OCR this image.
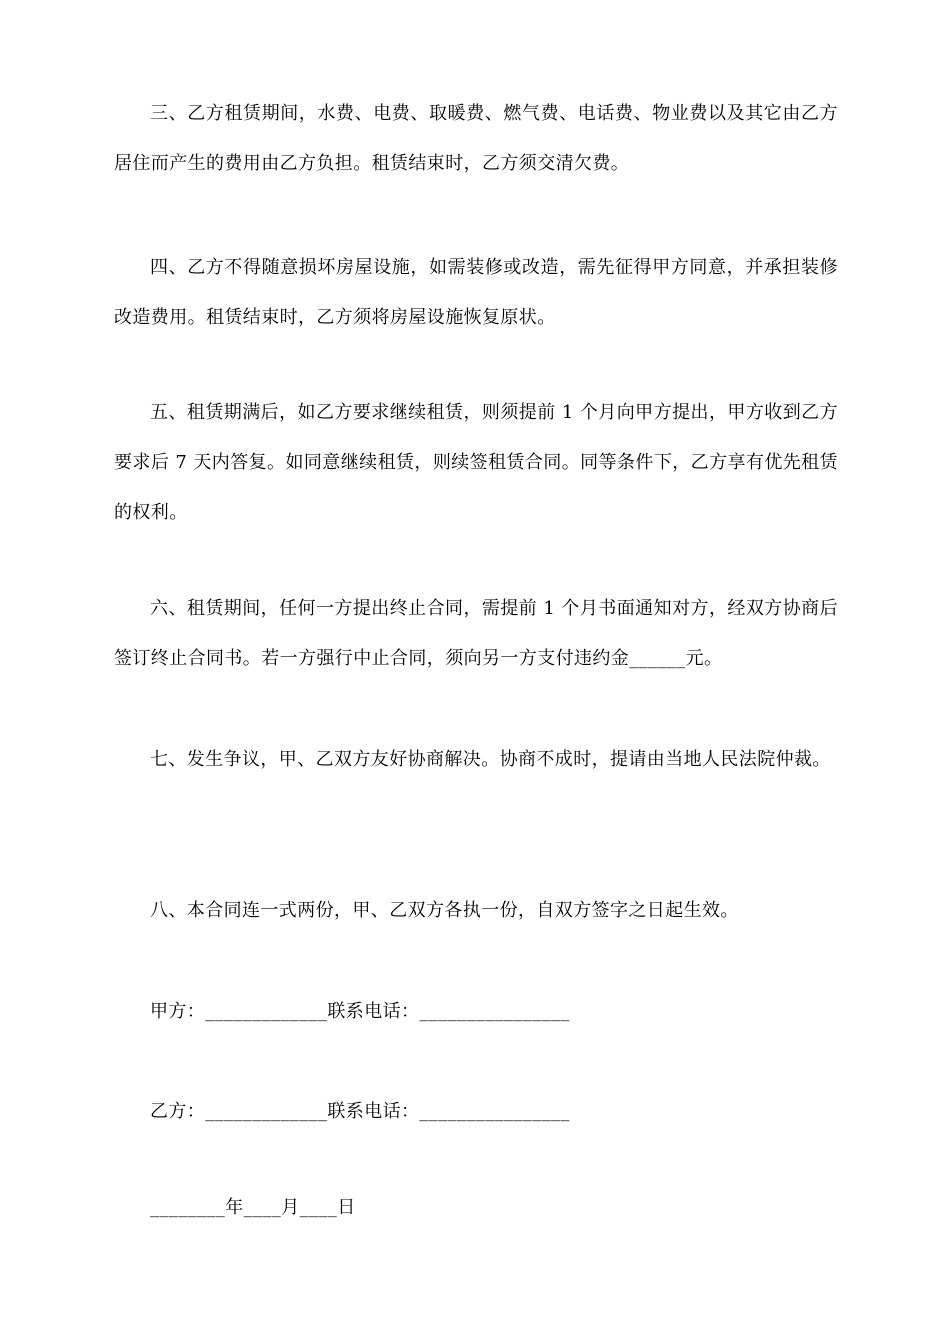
三、乙方租赁期间，水费、电费、取暖费、燃气费、电话费、物业费以及其它由乙方居住而产生的费用由乙方负担。租赁结束时，乙方须交清欠费。

四、乙方不得随意损坏房屋设施，如需装修或改造，需先征得甲方同意，并承担装修改造费用。租赁结束时，乙方须将房屋设施恢复原状。

五、租赁期满后，如乙方要求继续租赁，则须提前 1 个月向甲方提出，甲方收到乙方要求后 7 天内答复。如同意继续租赁，则续签租赁合同。同等条件下，乙方享有优先租赁的权利。

六、租赁期间，任何一方提出终止合同，需提前 1 个月书面通知对方，经双方协商后签订终止合同书。若一方强行中止合同，须向另一方支付违约金______元。

七、发生争议，甲、乙双方友好协商解决。协商不成时，提请由当地人民法院仲裁。

八、本合同连一式两份，甲、乙双方各执一份，自双方签字之日起生效。

甲方：_____________联系电话：________________
乙方：_____________联系电话：________________
________年____月____日
